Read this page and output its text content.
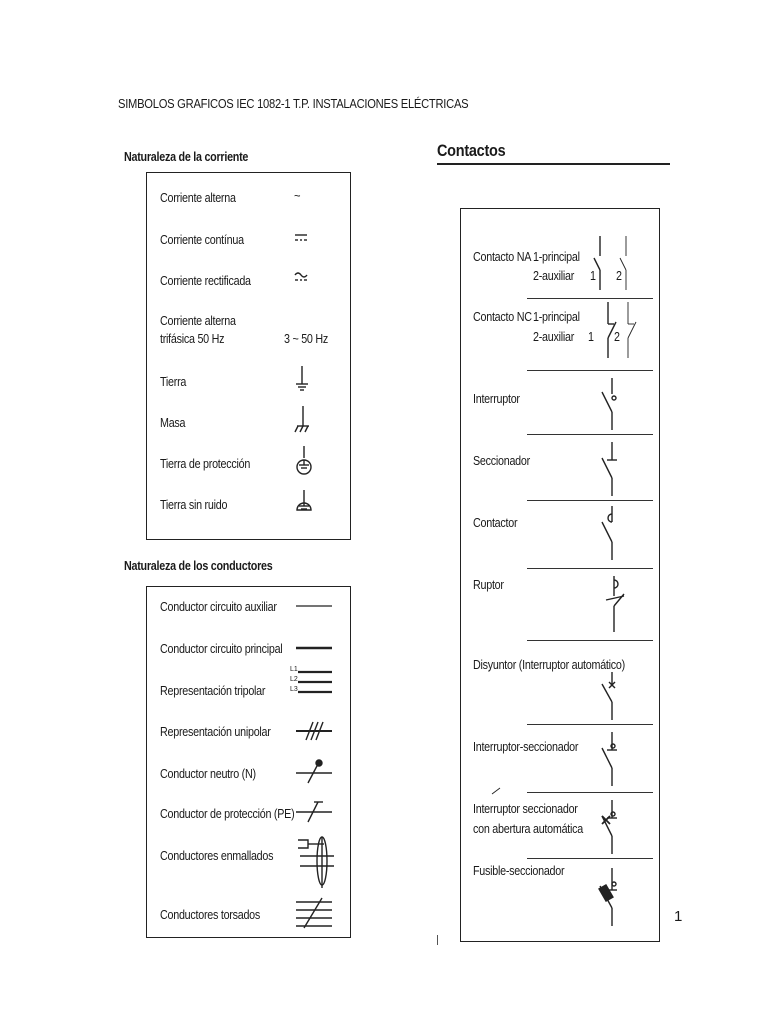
SIMBOLOS GRAFICOS IEC 1082-1 T.P. INSTALACIONES ELÉCTRICAS
Naturaleza de la corriente
Corriente alterna	~
Corriente contínua
Corriente rectificada
Corriente alterna
trifásica 50 Hz	3 ~ 50 Hz
Tierra
Masa
Tierra de protección
Tierra sin ruido
Naturaleza de los conductores
Conductor circuito auxiliar
Conductor circuito principal
Representación tripolar
L1
L2
L3
Representación unipolar
Conductor neutro (N)
Conductor de protección (PE)
Conductores enmallados
Conductores torsados
Contactos
Contacto NA 1-principal
2-auxiliar 1 2
Contacto NC 1-principal
2-auxiliar 1 2
Interruptor
Seccionador
Contactor
Ruptor
Disyuntor (Interruptor automático)
Interruptor-seccionador
Interruptor seccionador
con abertura automática
Fusible-seccionador
1
